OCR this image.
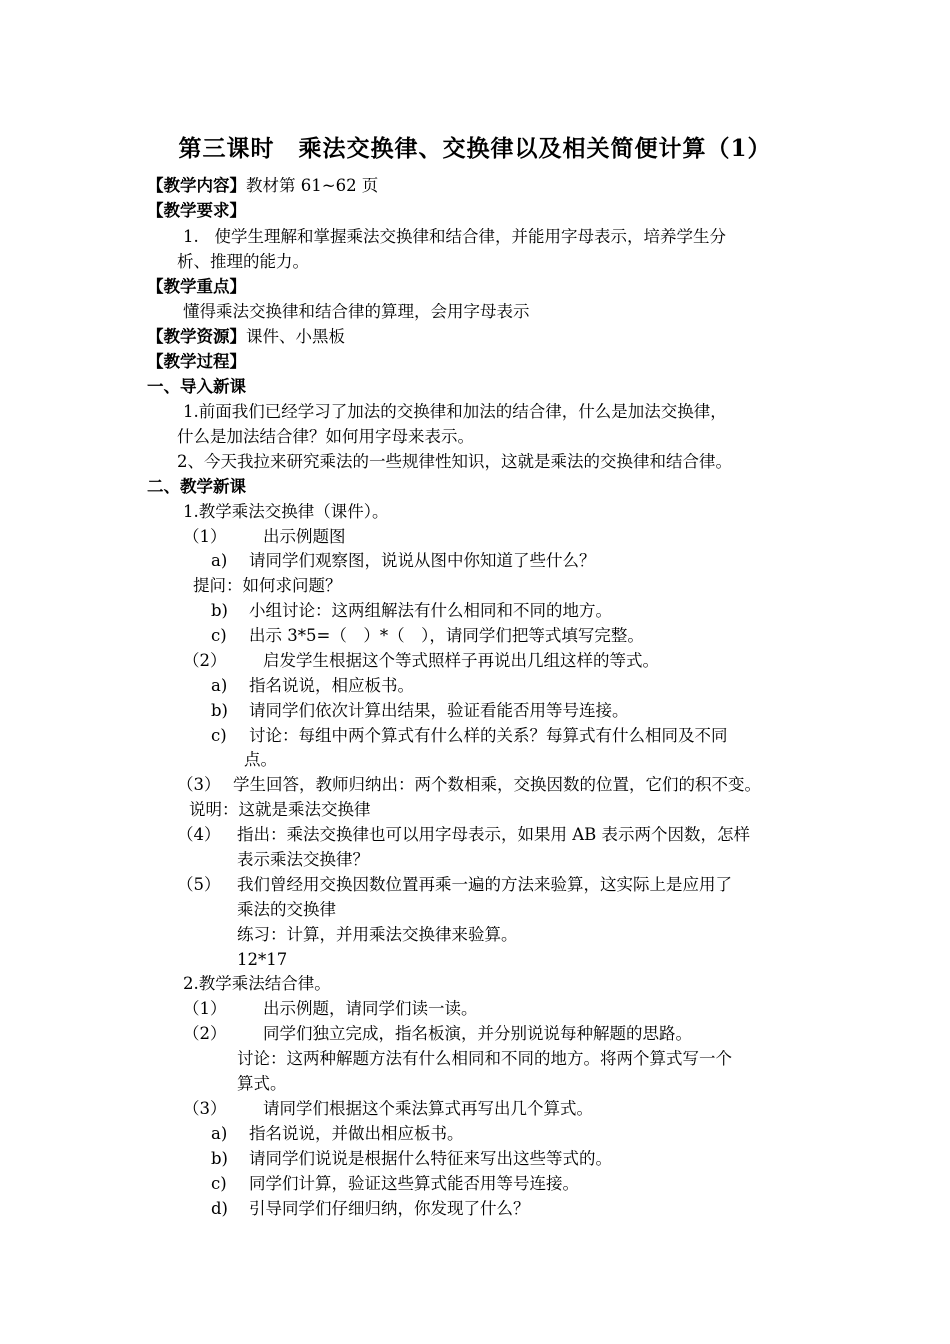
第三课时　乘法交换律、交换律以及相关简便计算（1）
【教学内容】教材第 61~62 页
【教学要求】
1. 使学生理解和掌握乘法交换律和结合律，并能用字母表示，培养学生分
析、推理的能力。
【教学重点】
懂得乘法交换律和结合律的算理，会用字母表示
【教学资源】课件、小黑板
【教学过程】
一、导入新课
1.前面我们已经学习了加法的交换律和加法的结合律，什么是加法交换律，
什么是加法结合律？如何用字母来表示。
2、今天我拉来研究乘法的一些规律性知识，这就是乘法的交换律和结合律。
二、教学新课
1.教学乘法交换律（课件）。
（1） 出示例题图
a) 请同学们观察图，说说从图中你知道了些什么？
提问：如何求问题？
b) 小组讨论：这两组解法有什么相同和不同的地方。
c) 出示 3*5=（　）*（　），请同学们把等式填写完整。
（2） 启发学生根据这个等式照样子再说出几组这样的等式。
a) 指名说说，相应板书。
b) 请同学们依次计算出结果，验证看能否用等号连接。
c) 讨论：每组中两个算式有什么样的关系？每算式有什么相同及不同
点。
（3） 学生回答，教师归纳出：两个数相乘，交换因数的位置，它们的积不变。
说明：这就是乘法交换律
（4） 指出：乘法交换律也可以用字母表示，如果用 AB 表示两个因数，怎样
表示乘法交换律？
（5） 我们曾经用交换因数位置再乘一遍的方法来验算，这实际上是应用了
乘法的交换律
练习：计算，并用乘法交换律来验算。
12*17
2.教学乘法结合律。
（1） 出示例题，请同学们读一读。
（2） 同学们独立完成，指名板演，并分别说说每种解题的思路。
讨论：这两种解题方法有什么相同和不同的地方。将两个算式写一个
算式。
（3） 请同学们根据这个乘法算式再写出几个算式。
a) 指名说说，并做出相应板书。
b) 请同学们说说是根据什么特征来写出这些等式的。
c) 同学们计算，验证这些算式能否用等号连接。
d) 引导同学们仔细归纳，你发现了什么？
